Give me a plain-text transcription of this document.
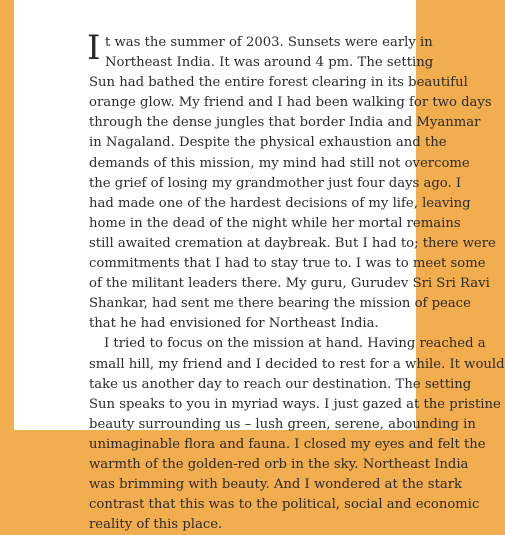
I t was the summer of 2003. Sunsets were early in
Northeast India. It was around 4 pm. The setting
Sun had bathed the entire forest clearing in its beautiful
orange glow. My friend and I had been walking for two days
through the dense jungles that border India and Myanmar
in Nagaland. Despite the physical exhaustion and the
demands of this mission, my mind had still not overcome
the grief of losing my grandmother just four days ago. I
had made one of the hardest decisions of my life, leaving
home in the dead of the night while her mortal remains
still awaited cremation at daybreak. But I had to; there were
commitments that I had to stay true to. I was to meet some
of the militant leaders there. My guru, Gurudev Sri Sri Ravi
Shankar, had sent me there bearing the mission of peace
that he had envisioned for Northeast India.
I tried to focus on the mission at hand. Having reached a
small hill, my friend and I decided to rest for a while. It would
take us another day to reach our destination. The setting
Sun speaks to you in myriad ways. I just gazed at the pristine
beauty surrounding us – lush green, serene, abounding in
unimaginable flora and fauna. I closed my eyes and felt the
warmth of the golden-red orb in the sky. Northeast India
was brimming with beauty. And I wondered at the stark
contrast that this was to the political, social and economic
reality of this place.
